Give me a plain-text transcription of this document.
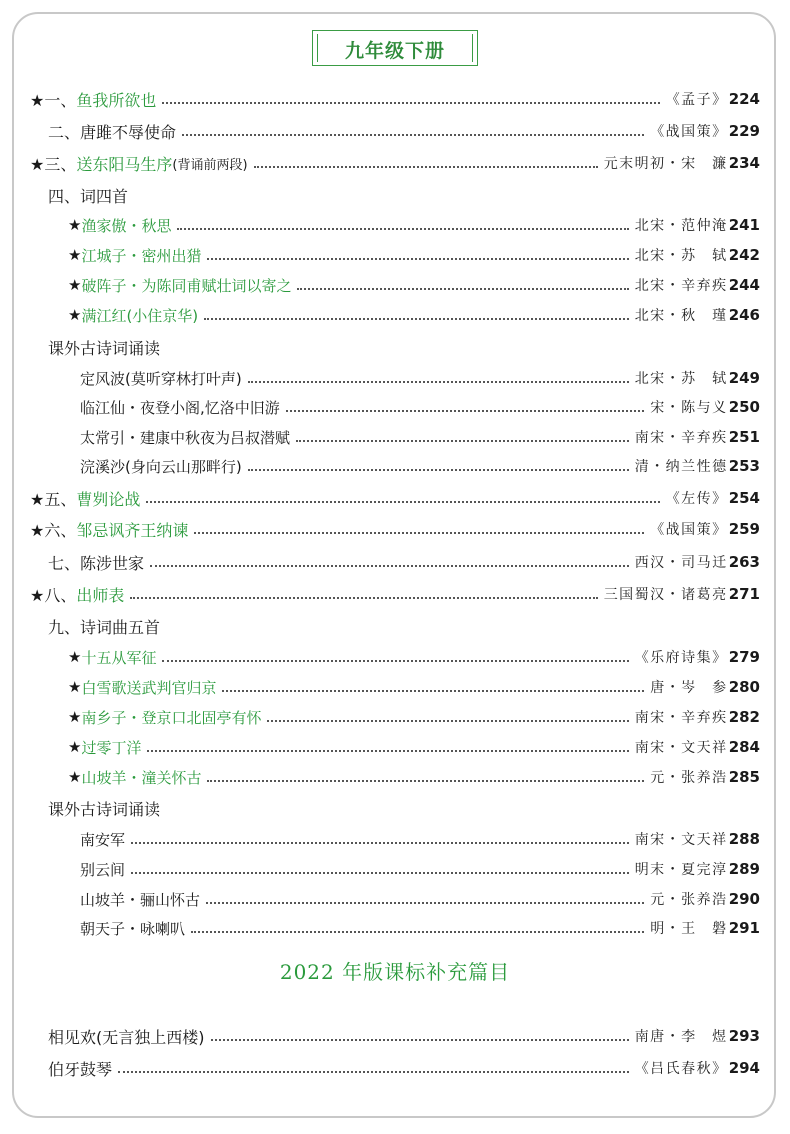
九年级下册
★一、 鱼我所欲也	《孟子》 224
二、 唐雎不辱使命	《战国策》 229
★三、 送东阳马生序 (背诵前两段)	元末明初・宋　濂 234
四、词四首
★ 渔家傲・秋思	北宋・范仲淹 241
★ 江城子・密州出猎	北宋・苏　轼 242
★ 破阵子・为陈同甫赋壮词以寄之	北宋・辛弃疾 244
★ 满江红(小住京华)	北宋・秋　瑾 246
课外古诗词诵读
定风波(莫听穿林打叶声)	北宋・苏　轼 249
临江仙・夜登小阁,忆洛中旧游	宋・陈与义 250
太常引・建康中秋夜为吕叔潜赋	南宋・辛弃疾 251
浣溪沙(身向云山那畔行)	清・纳兰性德 253
★五、 曹刿论战	《左传》 254
★六、 邹忌讽齐王纳谏	《战国策》 259
七、 陈涉世家	西汉・司马迁 263
★八、 出师表	三国蜀汉・诸葛亮 271
九、诗词曲五首
★ 十五从军征	《乐府诗集》 279
★ 白雪歌送武判官归京	唐・岑　参 280
★ 南乡子・登京口北固亭有怀	南宋・辛弃疾 282
★ 过零丁洋	南宋・文天祥 284
★ 山坡羊・潼关怀古	元・张养浩 285
课外古诗词诵读
南安军	南宋・文天祥 288
别云间	明末・夏完淳 289
山坡羊・骊山怀古	元・张养浩 290
朝天子・咏喇叭	明・王　磐 291
2022 年版课标补充篇目
相见欢(无言独上西楼)	南唐・李　煜 293
伯牙鼓琴	《吕氏春秋》 294
